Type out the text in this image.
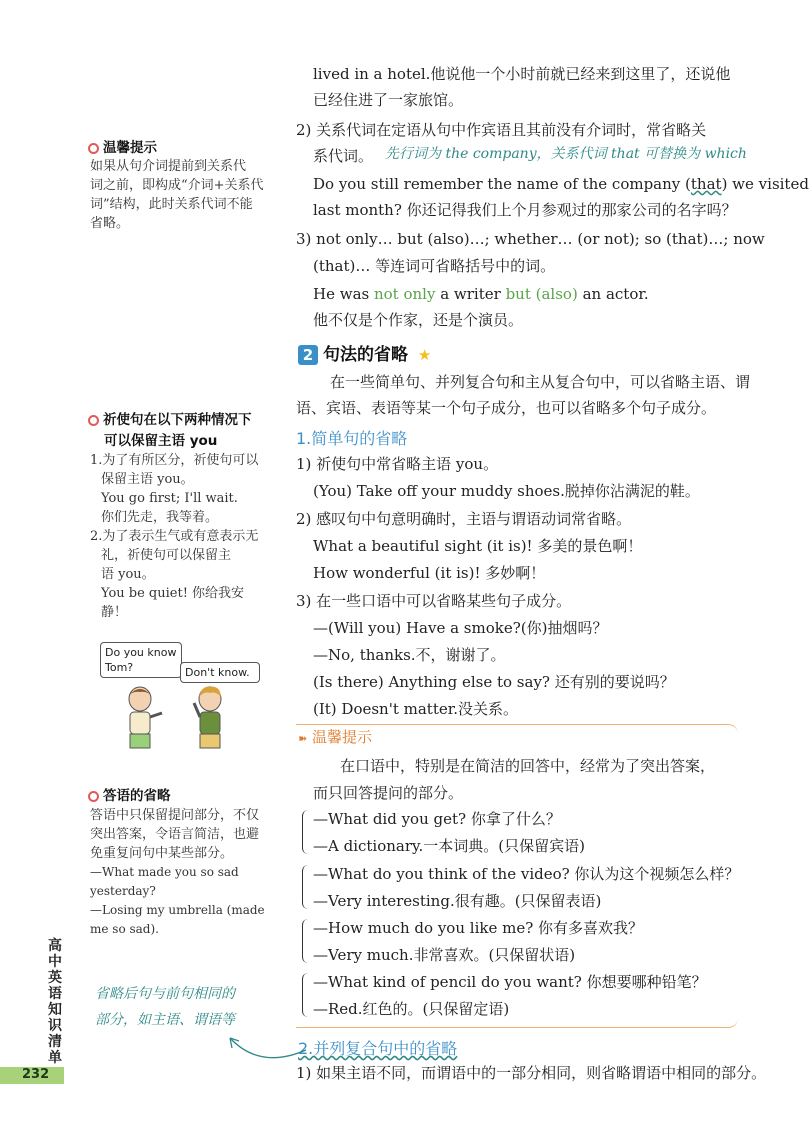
lived in a hotel.他说他一个小时前就已经来到这里了，还说他
已经住进了一家旅馆。
2) 关系代词在定语从句中作宾语且其前没有介词时，常省略关
系代词。 先行词为 the company，关系代词 that 可替换为 which
Do you still remember the name of the company (that) we visited
last month? 你还记得我们上个月参观过的那家公司的名字吗？
3) not only… but (also)…; whether… (or not); so (that)…; now
(that)… 等连词可省略括号中的词。
He was not only a writer but (also) an actor.
他不仅是个作家，还是个演员。
2 句法的省略 ★
在一些简单句、并列复合句和主从复合句中，可以省略主语、谓
语、宾语、表语等某一个句子成分，也可以省略多个句子成分。
1.简单句的省略
1) 祈使句中常省略主语 you。
(You) Take off your muddy shoes.脱掉你沾满泥的鞋。
2) 感叹句中句意明确时，主语与谓语动词常省略。
What a beautiful sight (it is)! 多美的景色啊！
How wonderful (it is)! 多妙啊！
3) 在一些口语中可以省略某些句子成分。
—(Will you) Have a smoke?(你)抽烟吗？
—No, thanks.不，谢谢了。
(Is there) Anything else to say? 还有别的要说吗？
(It) Doesn't matter.没关系。
➽ 温馨提示
在口语中，特别是在简洁的回答中，经常为了突出答案，
而只回答提问的部分。
—What did you get? 你拿了什么？
—A dictionary.一本词典。(只保留宾语)
—What do you think of the video? 你认为这个视频怎么样？
—Very interesting.很有趣。(只保留表语)
—How much do you like me? 你有多喜欢我？
—Very much.非常喜欢。(只保留状语)
—What kind of pencil do you want? 你想要哪种铅笔？
—Red.红色的。(只保留定语)
2.并列复合句中的省略
1) 如果主语不同，而谓语中的一部分相同，则省略谓语中相同的部分。
温馨提示
如果从句介词提前到关系代
词之前，即构成“介词+关系代
词”结构，此时关系代词不能
省略。
祈使句在以下两种情况下
可以保留主语 you
1.为了有所区分，祈使句可以
保留主语 you。
You go first; I'll wait.
你们先走，我等着。
2.为了表示生气或有意表示无
礼，祈使句可以保留主
语 you。
You be quiet! 你给我安静！
Do you know Tom?	Don't know.
答语的省略
答语中只保留提问部分，不仅
突出答案，令语言简洁，也避
免重复问句中某些部分。
—What made you so sad
yesterday?
—Losing my umbrella (made
me so sad).
省略后句与前句相同的
部分，如主语、谓语等
高中英语知识清单
232
